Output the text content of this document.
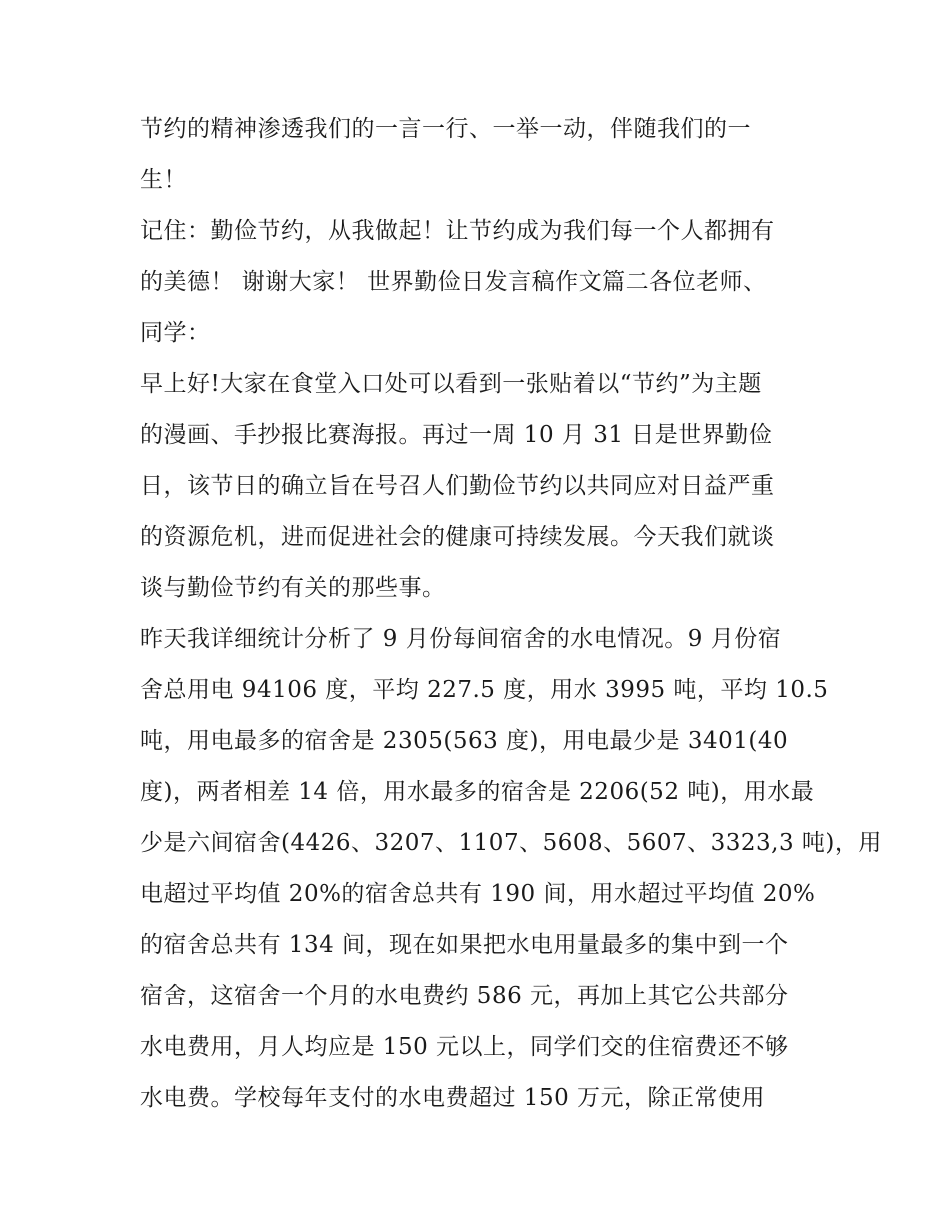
节约的精神渗透我们的一言一行、一举一动，伴随我们的一
生！
记住：勤俭节约，从我做起！让节约成为我们每一个人都拥有
的美德！ 谢谢大家！ 世界勤俭日发言稿作文篇二各位老师、
同学：
早上好!大家在食堂入口处可以看到一张贴着以“节约”为主题
的漫画、手抄报比赛海报。再过一周 10 月 31 日是世界勤俭
日，该节日的确立旨在号召人们勤俭节约以共同应对日益严重
的资源危机，进而促进社会的健康可持续发展。今天我们就谈
谈与勤俭节约有关的那些事。
昨天我详细统计分析了 9 月份每间宿舍的水电情况。9 月份宿
舍总用电 94106 度，平均 227.5 度，用水 3995 吨，平均 10.5
吨，用电最多的宿舍是 2305(563 度)，用电最少是 3401(40
度)，两者相差 14 倍，用水最多的宿舍是 2206(52 吨)，用水最
少是六间宿舍(4426、3207、1107、5608、5607、3323,3 吨)，用
电超过平均值 20%的宿舍总共有 190 间，用水超过平均值 20%
的宿舍总共有 134 间，现在如果把水电用量最多的集中到一个
宿舍，这宿舍一个月的水电费约 586 元，再加上其它公共部分
水电费用，月人均应是 150 元以上，同学们交的住宿费还不够
水电费。学校每年支付的水电费超过 150 万元，除正常使用
